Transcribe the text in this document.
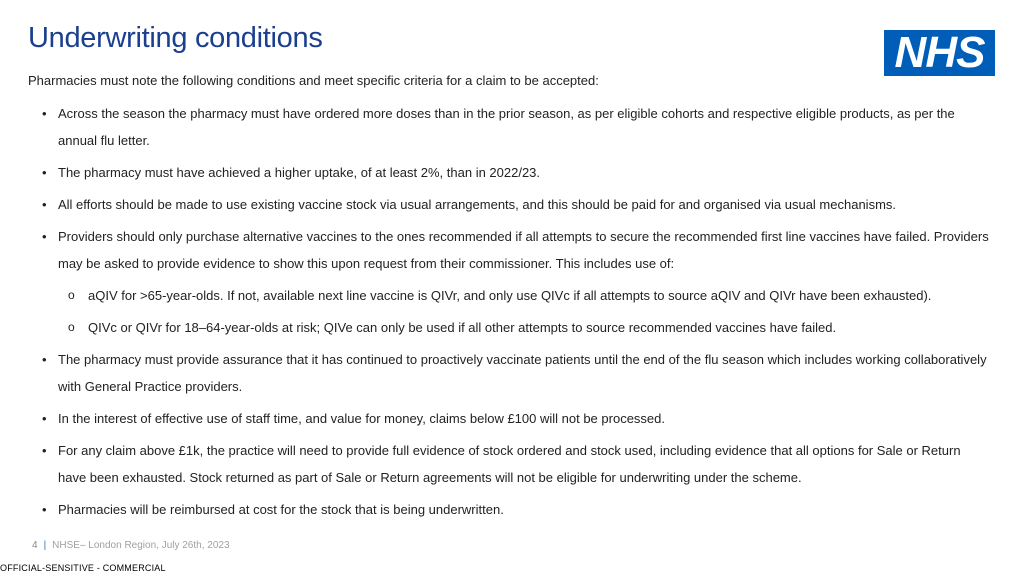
Underwriting conditions	NHS
Pharmacies must note the following conditions and meet specific criteria for a claim to be accepted:
• Across the season the pharmacy must have ordered more doses than in the prior season, as per eligible cohorts and respective eligible products, as per the annual flu letter.
• The pharmacy must have achieved a higher uptake, of at least 2%, than in 2022/23.
• All efforts should be made to use existing vaccine stock via usual arrangements, and this should be paid for and organised via usual mechanisms.
• Providers should only purchase alternative vaccines to the ones recommended if all attempts to secure the recommended first line vaccines have failed. Providers may be asked to provide evidence to show this upon request from their commissioner. This includes use of:
o aQIV for >65-year-olds. If not, available next line vaccine is QIVr, and only use QIVc if all attempts to source aQIV and QIVr have been exhausted).
o QIVc or QIVr for 18–64-year-olds at risk; QIVe can only be used if all other attempts to source recommended vaccines have failed.
• The pharmacy must provide assurance that it has continued to proactively vaccinate patients until the end of the flu season which includes working collaboratively with General Practice providers.
• In the interest of effective use of staff time, and value for money, claims below £100 will not be processed.
• For any claim above £1k, the practice will need to provide full evidence of stock ordered and stock used, including evidence that all options for Sale or Return have been exhausted. Stock returned as part of Sale or Return agreements will not be eligible for underwriting under the scheme.
• Pharmacies will be reimbursed at cost for the stock that is being underwritten.
4 | NHSE– London Region, July 26th, 2023
OFFICIAL-SENSITIVE - COMMERCIAL
